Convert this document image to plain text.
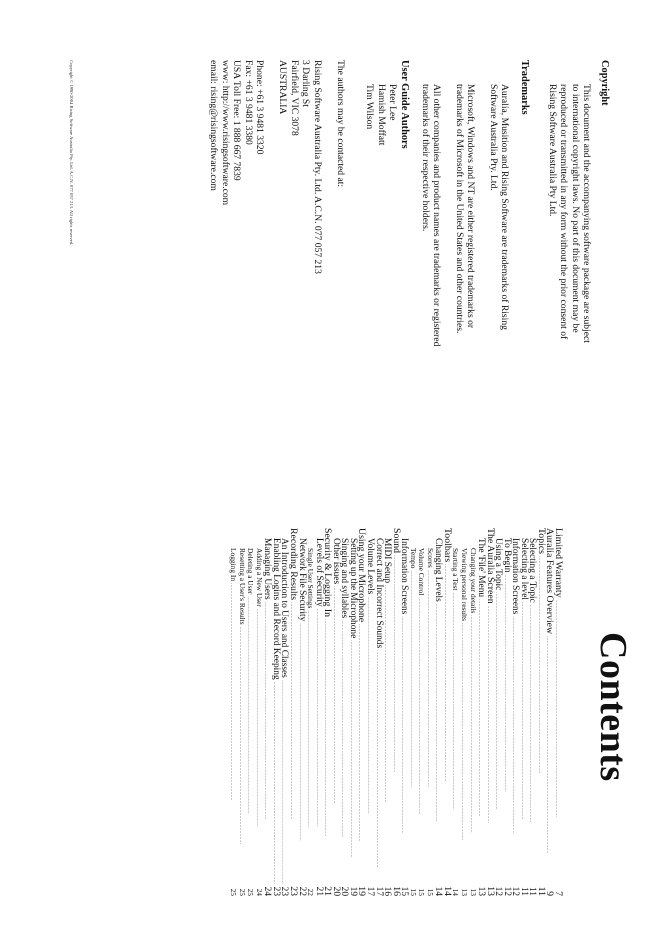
Copyright

This document and the accompanying software package are subject

to international copyright laws. No part of this document may be

reproduced or transmitted in any form without the prior consent of

Rising Software Australia Pty Ltd.

Trademarks

Auralia, Musition and Rising Software are trademarks of Rising

Software Australia Pty. Ltd.

Microsoft, Windows and NT are either registered trademarks or

trademarks of Microsoft in the United States and other countries.

All other companies and product names are trademarks or registered

trademarks of their respective holders.

User Guide Authors

Peter Lee

Hamish Moffatt

Tim Wilson

The authors may be contacted at:

Rising Software Australia Pty. Ltd. A.C.N. 077 057 213

3 Darling St

Fairfield, VIC 3078

AUSTRALIA

Phone: +61 3 9481 3320

Fax: +61 3 9481 3380

USA Toll Free: 1 888 667 7839

www: http://www.risingsoftware.com

email: rising@risingsoftware.com

Copyright © 1990-2004 Rising Software Australia Pty. Ltd. A.C.N. 077 057 213. All rights reserved.
Contents
Limited Warranty
. . .
7
Auralia Features Overview
. . .
9
Topics
. . .
11
Selecting a Topic
. . .
11
Selecting a level
. . .
11
Information Screens
. . .
12
To Begin
. . .
12
Using a Topic
. . .
12
The Auralia Screen
. . .
13
The 'File' Menu
. . .
13
Changing your details
. . .
13
Viewing personal results
. . .
13
Starting a Test
. . .
14
Toolbars
. . .
14
Changing Levels
. . .
14
Scores
. . .
15
Volume Control
. . .
15
Tempo
. . .
15
Information Screens
. . .
15
Sound
. . .
16
MIDI Setup
. . .
16
Correct and Incorrect Sounds
. . .
17
Volume Levels
. . .
17
Using your Microphone
. . .
19
Setting up the Microphone
. . .
19
Singing and syllables
. . .
20
Other issues
. . .
20
Security & Logging In
. . .
21
Levels of Security
. . .
21
Single User Settings
. . .
22
Network File Security
. . .
22
Recording Results
. . .
23
An Introduction to Users and Classes
. . .
23
Enabling Logins and Record Keeping
. . .
23
Managing Users
. . .
24
Adding a New User
. . .
24
Deleting a User
. . .
25
Resetting a User's Results
. . .
25
Logging In
. . .
25
